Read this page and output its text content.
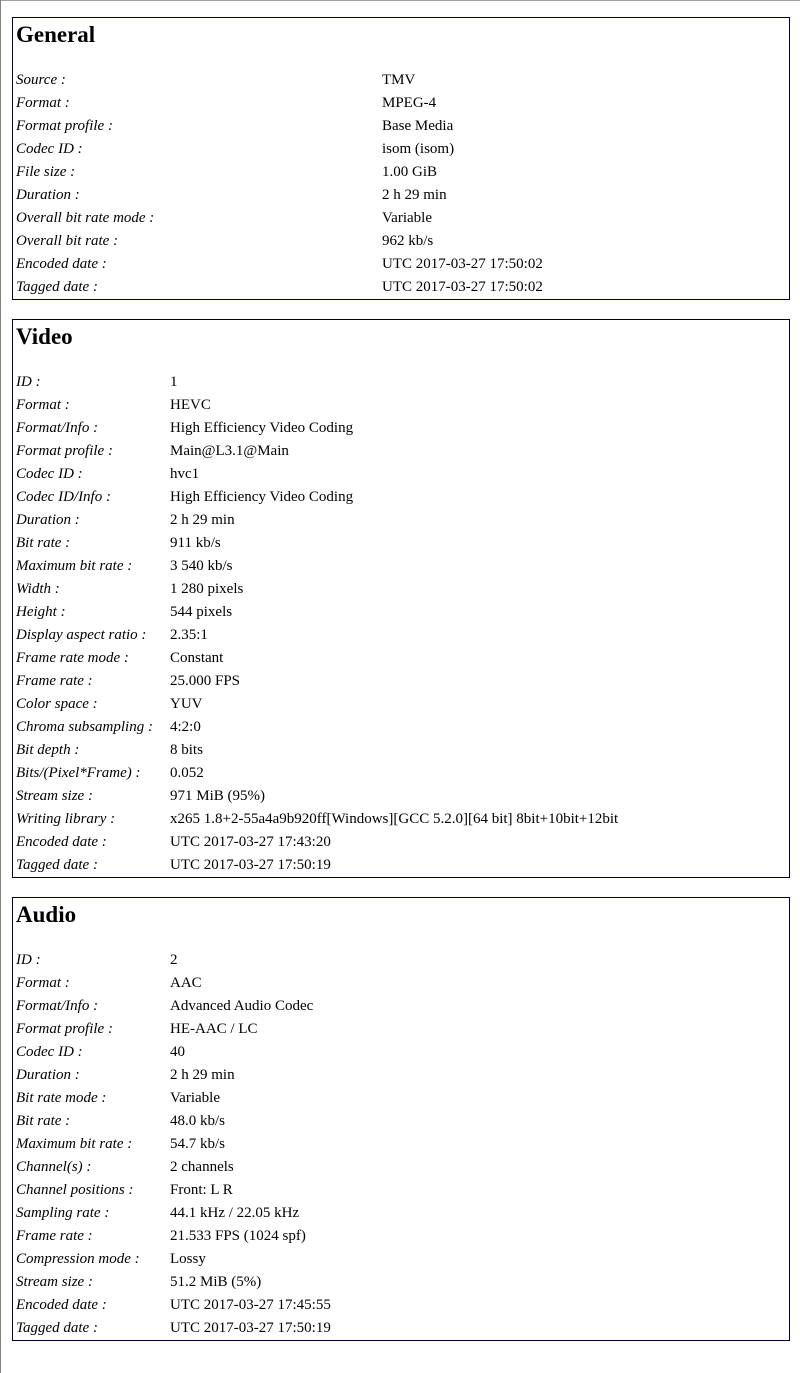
General
Source :	TMV
Format :	MPEG-4
Format profile :	Base Media
Codec ID :	isom (isom)
File size :	1.00 GiB
Duration :	2 h 29 min
Overall bit rate mode :	Variable
Overall bit rate :	962 kb/s
Encoded date :	UTC 2017-03-27 17:50:02
Tagged date :	UTC 2017-03-27 17:50:02
Video
ID :	1
Format :	HEVC
Format/Info :	High Efficiency Video Coding
Format profile :	Main@L3.1@Main
Codec ID :	hvc1
Codec ID/Info :	High Efficiency Video Coding
Duration :	2 h 29 min
Bit rate :	911 kb/s
Maximum bit rate :	3 540 kb/s
Width :	1 280 pixels
Height :	544 pixels
Display aspect ratio : 2.35:1
Frame rate mode :	Constant
Frame rate :	25.000 FPS
Color space :	YUV
Chroma subsampling : 4:2:0
Bit depth :	8 bits
Bits/(Pixel*Frame) : 0.052
Stream size :	971 MiB (95%)
Writing library :	x265 1.8+2-55a4a9b920ff[Windows][GCC 5.2.0][64 bit] 8bit+10bit+12bit
Encoded date :	UTC 2017-03-27 17:43:20
Tagged date :	UTC 2017-03-27 17:50:19
Audio
ID :	2
Format :	AAC
Format/Info :	Advanced Audio Codec
Format profile :	HE-AAC / LC
Codec ID :	40
Duration :	2 h 29 min
Bit rate mode :	Variable
Bit rate :	48.0 kb/s
Maximum bit rate :	54.7 kb/s
Channel(s) :	2 channels
Channel positions : Front: L R
Sampling rate :	44.1 kHz / 22.05 kHz
Frame rate :	21.533 FPS (1024 spf)
Compression mode : Lossy
Stream size :	51.2 MiB (5%)
Encoded date :	UTC 2017-03-27 17:45:55
Tagged date :	UTC 2017-03-27 17:50:19
